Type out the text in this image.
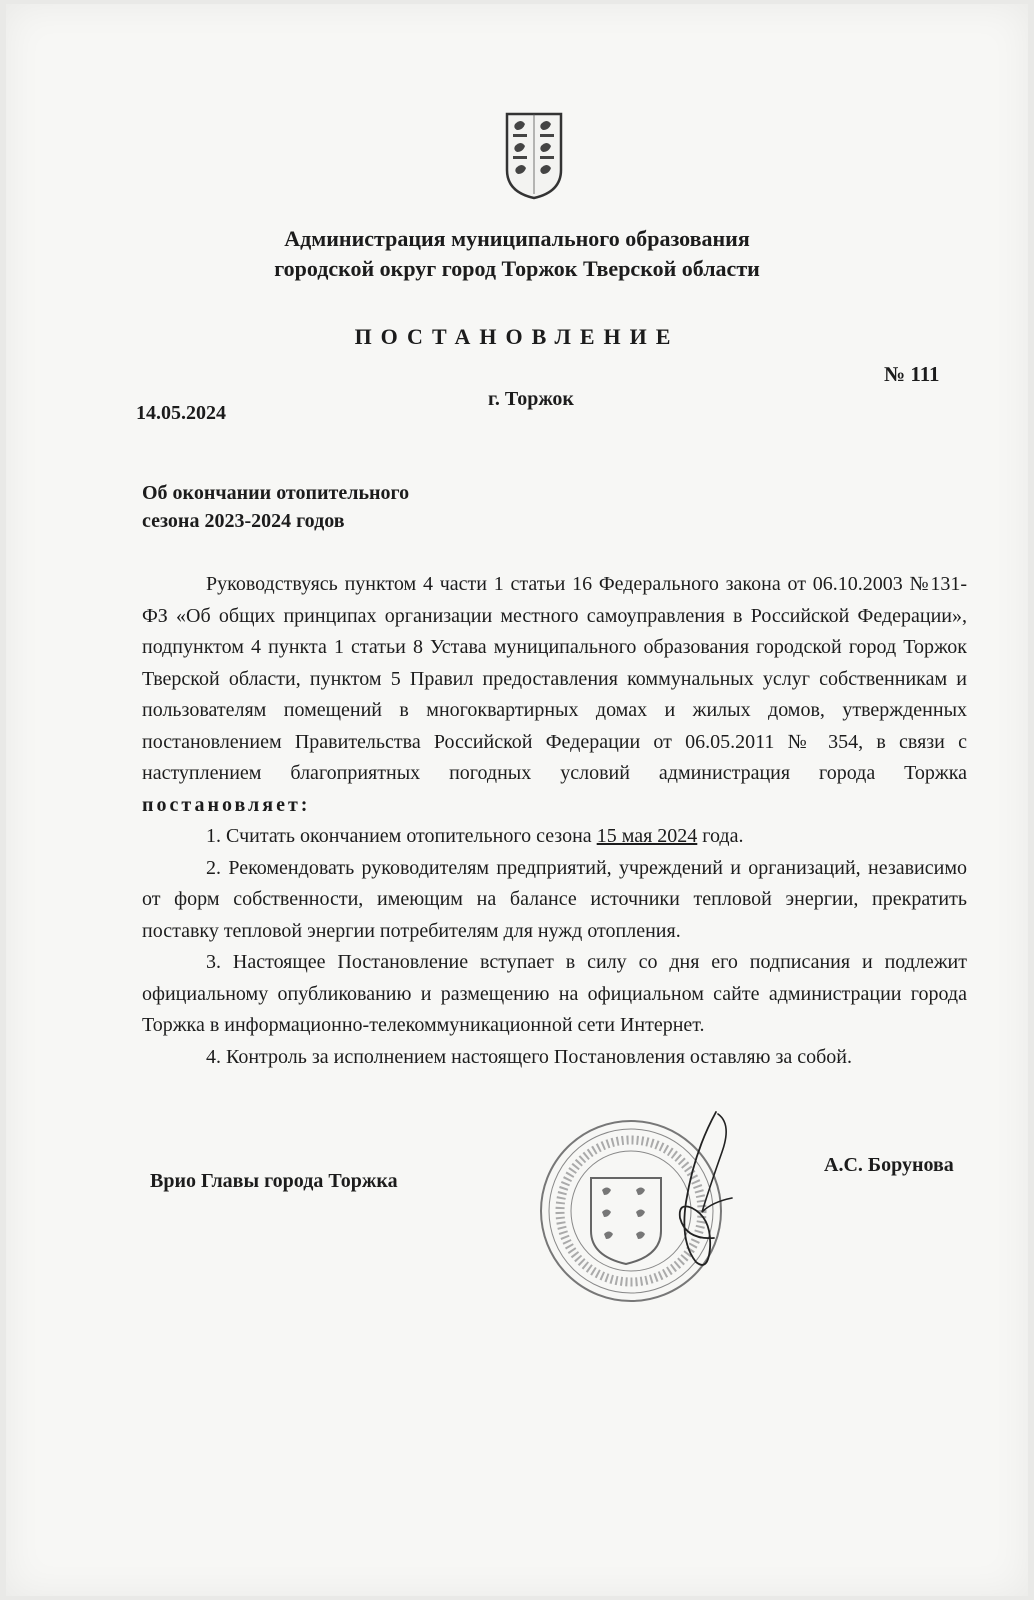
Администрация муниципального образования
городской округ город Торжок Тверской области
ПОСТАНОВЛЕНИЕ
14.05.2024
г. Торжок
№ 111
Об окончании отопительного
сезона 2023-2024 годов

Руководствуясь пунктом 4 части 1 статьи 16 Федерального закона от 06.10.2003 №131-ФЗ «Об общих принципах организации местного самоуправления в Российской Федерации», подпунктом 4 пункта 1 статьи 8 Устава муниципального образования городской город Торжок Тверской области, пунктом 5 Правил предоставления коммунальных услуг собственникам и пользователям помещений в многоквартирных домах и жилых домов, утвержденных постановлением Правительства Российской Федерации от 06.05.2011 № 354, в связи с наступлением благоприятных погодных условий администрация города Торжка постановляет:

1. Считать окончанием отопительного сезона 15 мая 2024 года.

2. Рекомендовать руководителям предприятий, учреждений и организаций, независимо от форм собственности, имеющим на балансе источники тепловой энергии, прекратить поставку тепловой энергии потребителям для нужд отопления.

3. Настоящее Постановление вступает в силу со дня его подписания и подлежит официальному опубликованию и размещению на официальном сайте администрации города Торжка в информационно-телекоммуникационной сети Интернет.

4. Контроль за исполнением настоящего Постановления оставляю за собой.

Врио Главы города Торжка
А.С. Борунова
